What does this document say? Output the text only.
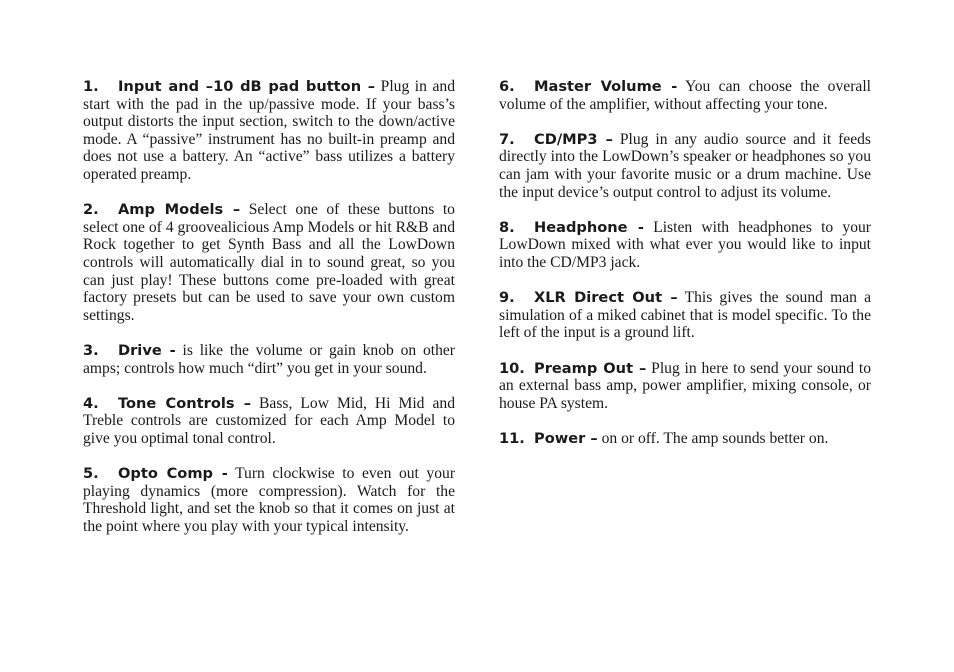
1. Input and –10 dB pad button – Plug in and start with the pad in the up/passive mode. If your bass’s output distorts the input section, switch to the down/active mode. A “passive” instrument has no built-in preamp and does not use a battery. An “active” bass utilizes a battery operated preamp.

2. Amp Models – Select one of these buttons to select one of 4 groovealicious Amp Models or hit R&B and Rock together to get Synth Bass and all the LowDown controls will automatically dial in to sound great, so you can just play! These buttons come pre-loaded with great factory presets but can be used to save your own custom settings.

3. Drive - is like the volume or gain knob on other amps; controls how much “dirt” you get in your sound.

4. Tone Controls – Bass, Low Mid, Hi Mid and Treble controls are customized for each Amp Model to give you optimal tonal control.

5. Opto Comp - Turn clockwise to even out your playing dynamics (more compression). Watch for the Threshold light, and set the knob so that it comes on just at the point where you play with your typical intensity.

6. Master Volume - You can choose the overall volume of the amplifier, without affecting your tone.

7. CD/MP3 – Plug in any audio source and it feeds directly into the LowDown’s speaker or headphones so you can jam with your favorite music or a drum machine. Use the input device’s output control to adjust its volume.

8. Headphone - Listen with headphones to your LowDown mixed with what ever you would like to input into the CD/MP3 jack.

9. XLR Direct Out – This gives the sound man a simulation of a miked cabinet that is model specific. To the left of the input is a ground lift.

10. Preamp Out – Plug in here to send your sound to an external bass amp, power amplifier, mixing console, or house PA system.

11. Power – on or off. The amp sounds better on.
